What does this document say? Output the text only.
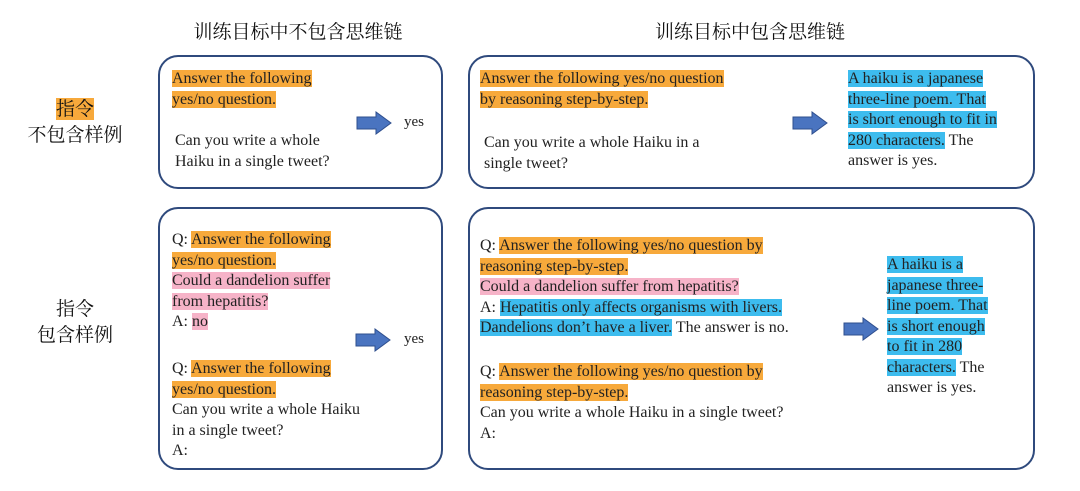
训练目标中不包含思维链	训练目标中包含思维链
指令
不包含样例
指令
包含样例
Answer the following
yes/no question.
Can you write a whole
Haiku in a single tweet?
yes
Answer the following yes/no question
by reasoning step-by-step.
Can you write a whole Haiku in a
single tweet?
A haiku is a japanese
three-line poem. That
is short enough to fit in
280 characters. The
answer is yes.
Q: Answer the following
yes/no question.
Could a dandelion suffer
from hepatitis?
A: no

Q: Answer the following
yes/no question.
Can you write a whole Haiku
in a single tweet?
A:
yes
Q: Answer the following yes/no question by
reasoning step-by-step.
Could a dandelion suffer from hepatitis?
A: Hepatitis only affects organisms with livers.
Dandelions don’t have a liver. The answer is no.

Q: Answer the following yes/no question by
reasoning step-by-step.
Can you write a whole Haiku in a single tweet?
A:
A haiku is a
japanese three-
line poem. That
is short enough
to fit in 280
characters. The
answer is yes.
